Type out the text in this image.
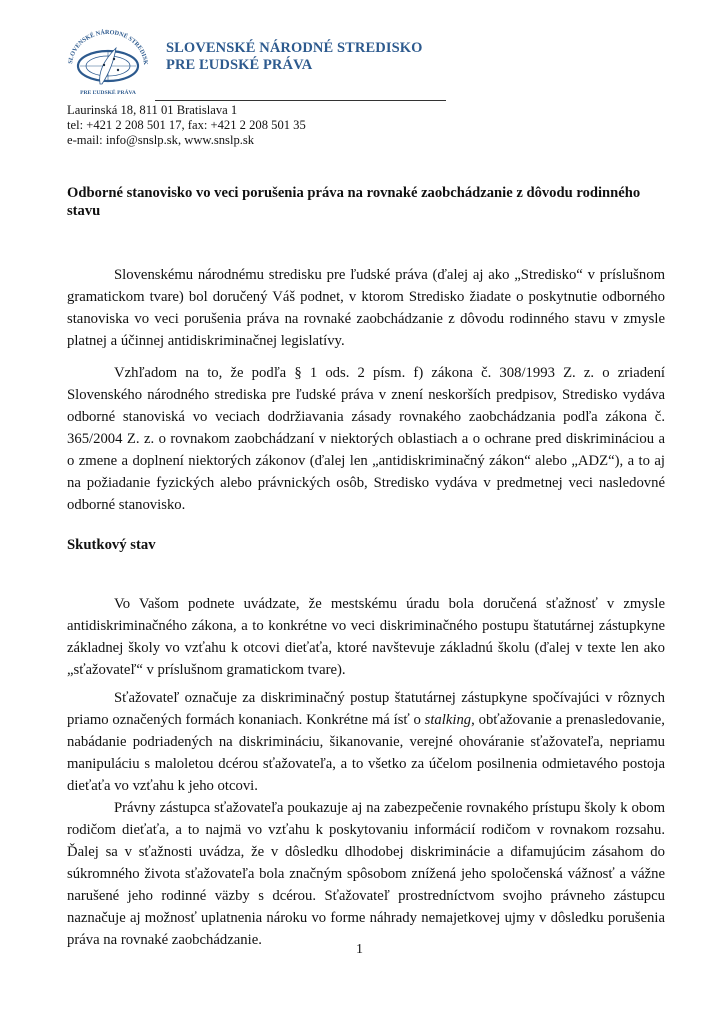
SLOVENSKÉ NÁRODNÉ STREDISK
PRE ĽUDSKÉ PRÁVA
SLOVENSKÉ NÁRODNÉ STREDISKO
PRE ĽUDSKÉ PRÁVA
Laurinská 18, 811 01 Bratislava 1
tel: +421 2 208 501 17, fax: +421 2 208 501 35
e-mail: info@snslp.sk, www.snslp.sk
Odborné stanovisko vo veci porušenia práva na rovnaké zaobchádzanie z dôvodu rodinného stavu
Slovenskému národnému stredisku pre ľudské práva (ďalej aj ako „Stredisko“ v príslušnom gramatickom tvare) bol doručený Váš podnet, v ktorom Stredisko žiadate o poskytnutie odborného stanoviska vo veci porušenia práva na rovnaké zaobchádzanie z dôvodu rodinného stavu v zmysle platnej a účinnej antidiskriminačnej legislatívy.
Vzhľadom na to, že podľa § 1 ods. 2 písm. f) zákona č. 308/1993 Z. z. o zriadení Slovenského národného strediska pre ľudské práva v znení neskorších predpisov, Stredisko vydáva odborné stanoviská vo veciach dodržiavania zásady rovnakého zaobchádzania podľa zákona č. 365/2004 Z. z. o rovnakom zaobchádzaní v niektorých oblastiach a o ochrane pred diskrimináciou a o zmene a doplnení niektorých zákonov (ďalej len „antidiskriminačný zákon“ alebo „ADZ“), a to aj na požiadanie fyzických alebo právnických osôb, Stredisko vydáva v predmetnej veci nasledovné odborné stanovisko.
Skutkový stav
Vo Vašom podnete uvádzate, že mestskému úradu bola doručená sťažnosť v zmysle antidiskriminačného zákona, a to konkrétne vo veci diskriminačného postupu štatutárnej zástupkyne základnej školy vo vzťahu k otcovi dieťaťa, ktoré navštevuje základnú školu (ďalej v texte len ako „sťažovateľ“ v príslušnom gramatickom tvare).
Sťažovateľ označuje za diskriminačný postup štatutárnej zástupkyne spočívajúci v rôznych priamo označených formách konaniach. Konkrétne má ísť o stalking, obťažovanie a prenasledovanie, nabádanie podriadených na diskrimináciu, šikanovanie, verejné ohováranie sťažovateľa, nepriamu manipuláciu s maloletou dcérou sťažovateľa, a to všetko za účelom posilnenia odmietavého postoja dieťaťa vo vzťahu k jeho otcovi.
Právny zástupca sťažovateľa poukazuje aj na zabezpečenie rovnakého prístupu školy k obom rodičom dieťaťa, a to najmä vo vzťahu k poskytovaniu informácií rodičom v rovnakom rozsahu. Ďalej sa v sťažnosti uvádza, že v dôsledku dlhodobej diskriminácie a difamujúcim zásahom do súkromného života sťažovateľa bola značným spôsobom znížená jeho spoločenská vážnosť a vážne narušené jeho rodinné väzby s dcérou. Sťažovateľ prostredníctvom svojho právneho zástupcu naznačuje aj možnosť uplatnenia nároku vo forme náhrady nemajetkovej ujmy v dôsledku porušenia práva na rovnaké zaobchádzanie.
1
